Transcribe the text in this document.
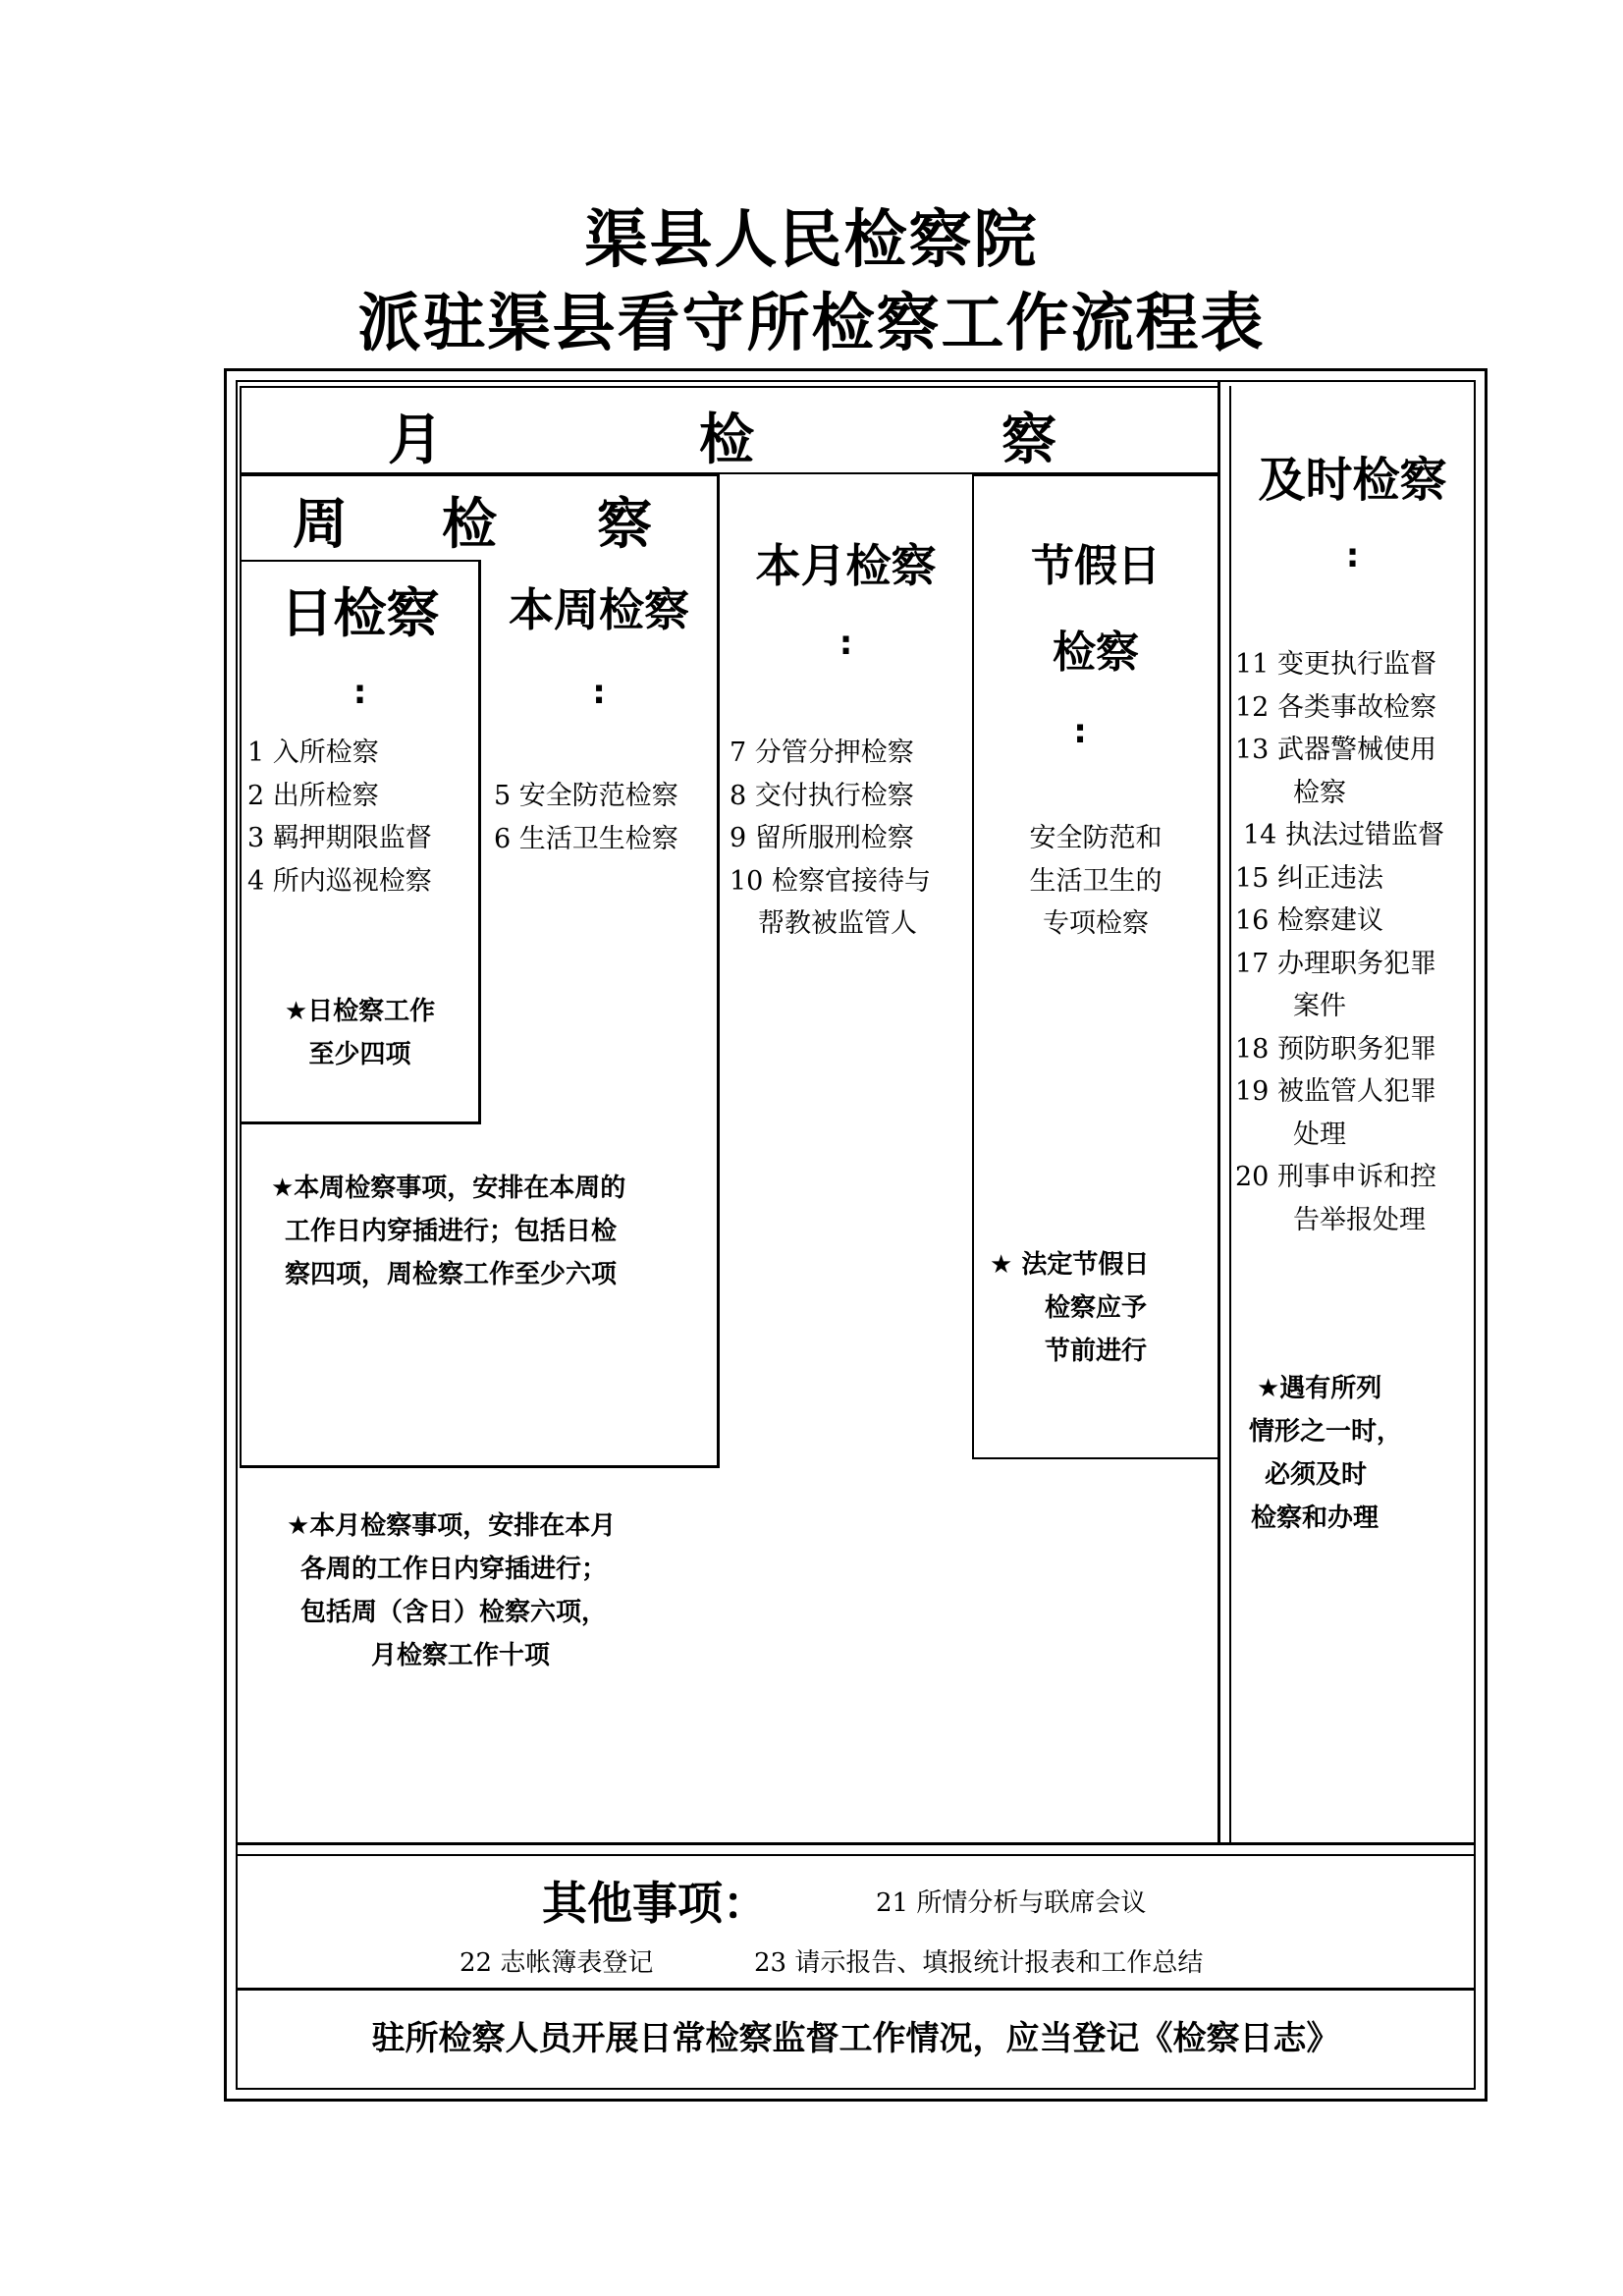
渠县人民检察院
派驻渠县看守所检察工作流程表
月	检	察
周 检 察
日检察
:
1 入所检察
2 出所检察
3 羁押期限监督
4 所内巡视检察
★日检察工作
至少四项
本周检察
:
5 安全防范检察
6 生活卫生检察
★本周检察事项，安排在本周的
工作日内穿插进行；包括日检
察四项，周检察工作至少六项
本月检察
:
7 分管分押检察
8 交付执行检察
9 留所服刑检察
10 检察官接待与
帮教被监管人
★本月检察事项，安排在本月
各周的工作日内穿插进行；
包括周（含日）检察六项，
月检察工作十项
节假日
检察
:
安全防范和
生活卫生的
专项检察
★ 法定节假日
检察应予
节前进行
及时检察
:
11 变更执行监督
12 各类事故检察
13 武器警械使用
检察
14 执法过错监督
15 纠正违法
16 检察建议
17 办理职务犯罪
案件
18 预防职务犯罪
19 被监管人犯罪
处理
20 刑事申诉和控
告举报处理
★遇有所列
情形之一时，
必须及时
检察和办理
其他事项：	21 所情分析与联席会议
22 志帐簿表登记	23 请示报告、填报统计报表和工作总结
驻所检察人员开展日常检察监督工作情况，应当登记《检察日志》
